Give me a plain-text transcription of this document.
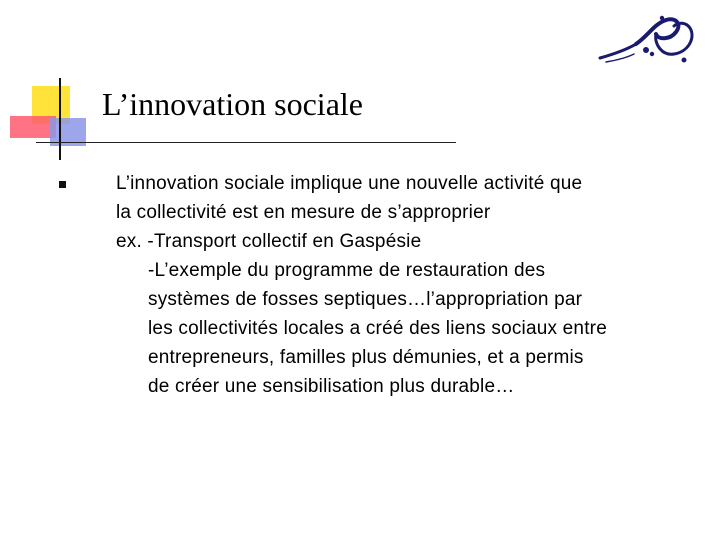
L’innovation sociale
L’innovation sociale implique une nouvelle activité que
la collectivité est en mesure de s’approprier
ex. -Transport collectif en Gaspésie
-L’exemple du programme de restauration des
systèmes de fosses septiques…l’appropriation par
les collectivités locales a créé des liens sociaux entre
entrepreneurs, familles plus démunies, et a permis
de créer une sensibilisation plus durable…
